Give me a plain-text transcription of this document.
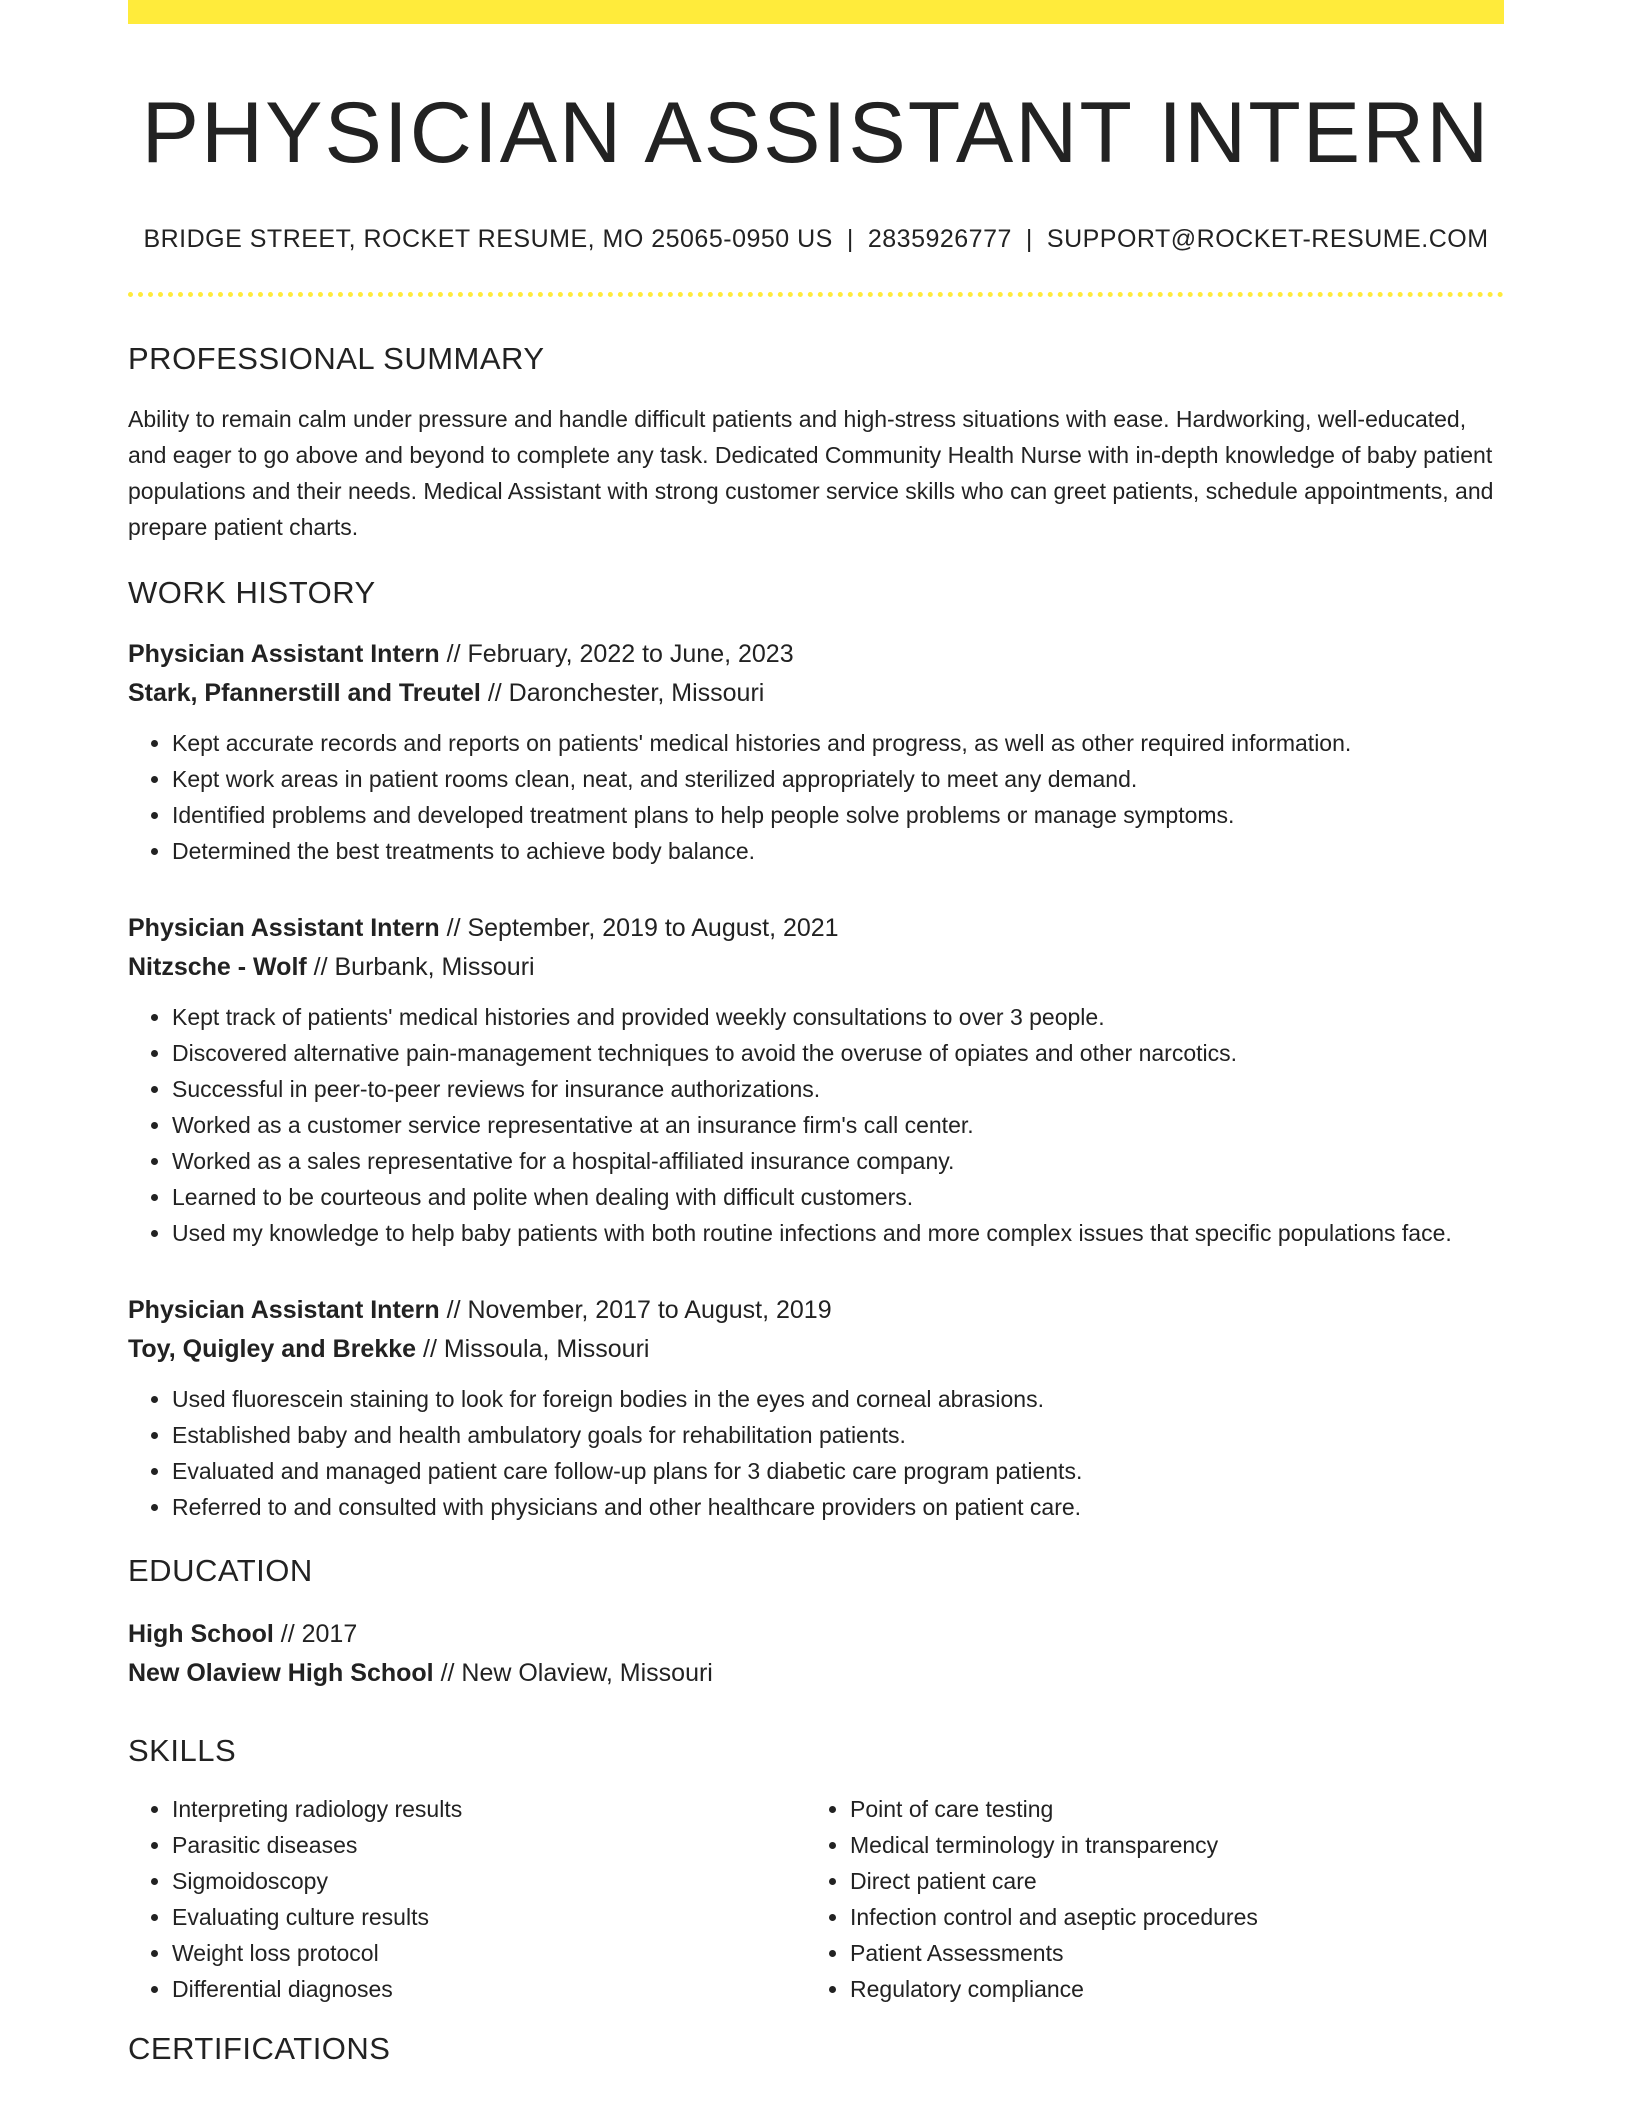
PHYSICIAN ASSISTANT INTERN
BRIDGE STREET, ROCKET RESUME, MO 25065-0950 US | 2835926777 | SUPPORT@ROCKET-RESUME.COM
PROFESSIONAL SUMMARY

Ability to remain calm under pressure and handle difficult patients and high-stress situations with ease. Hardworking, well-educated, and eager to go above and beyond to complete any task. Dedicated Community Health Nurse with in-depth knowledge of baby patient populations and their needs. Medical Assistant with strong customer service skills who can greet patients, schedule appointments, and prepare patient charts.

WORK HISTORY
Physician Assistant Intern // February, 2022 to June, 2023
Stark, Pfannerstill and Treutel // Daronchester, Missouri
• Kept accurate records and reports on patients' medical histories and progress, as well as other required information.
• Kept work areas in patient rooms clean, neat, and sterilized appropriately to meet any demand.
• Identified problems and developed treatment plans to help people solve problems or manage symptoms.
• Determined the best treatments to achieve body balance.
Physician Assistant Intern // September, 2019 to August, 2021
Nitzsche - Wolf // Burbank, Missouri
• Kept track of patients' medical histories and provided weekly consultations to over 3 people.
• Discovered alternative pain-management techniques to avoid the overuse of opiates and other narcotics.
• Successful in peer-to-peer reviews for insurance authorizations.
• Worked as a customer service representative at an insurance firm's call center.
• Worked as a sales representative for a hospital-affiliated insurance company.
• Learned to be courteous and polite when dealing with difficult customers.
• Used my knowledge to help baby patients with both routine infections and more complex issues that specific populations face.
Physician Assistant Intern // November, 2017 to August, 2019
Toy, Quigley and Brekke // Missoula, Missouri
• Used fluorescein staining to look for foreign bodies in the eyes and corneal abrasions.
• Established baby and health ambulatory goals for rehabilitation patients.
• Evaluated and managed patient care follow-up plans for 3 diabetic care program patients.
• Referred to and consulted with physicians and other healthcare providers on patient care.
EDUCATION
High School // 2017
New Olaview High School // New Olaview, Missouri
SKILLS
• Interpreting radiology results
• Parasitic diseases
• Sigmoidoscopy
• Evaluating culture results
• Weight loss protocol
• Differential diagnoses
• Point of care testing
• Medical terminology in transparency
• Direct patient care
• Infection control and aseptic procedures
• Patient Assessments
• Regulatory compliance
CERTIFICATIONS
